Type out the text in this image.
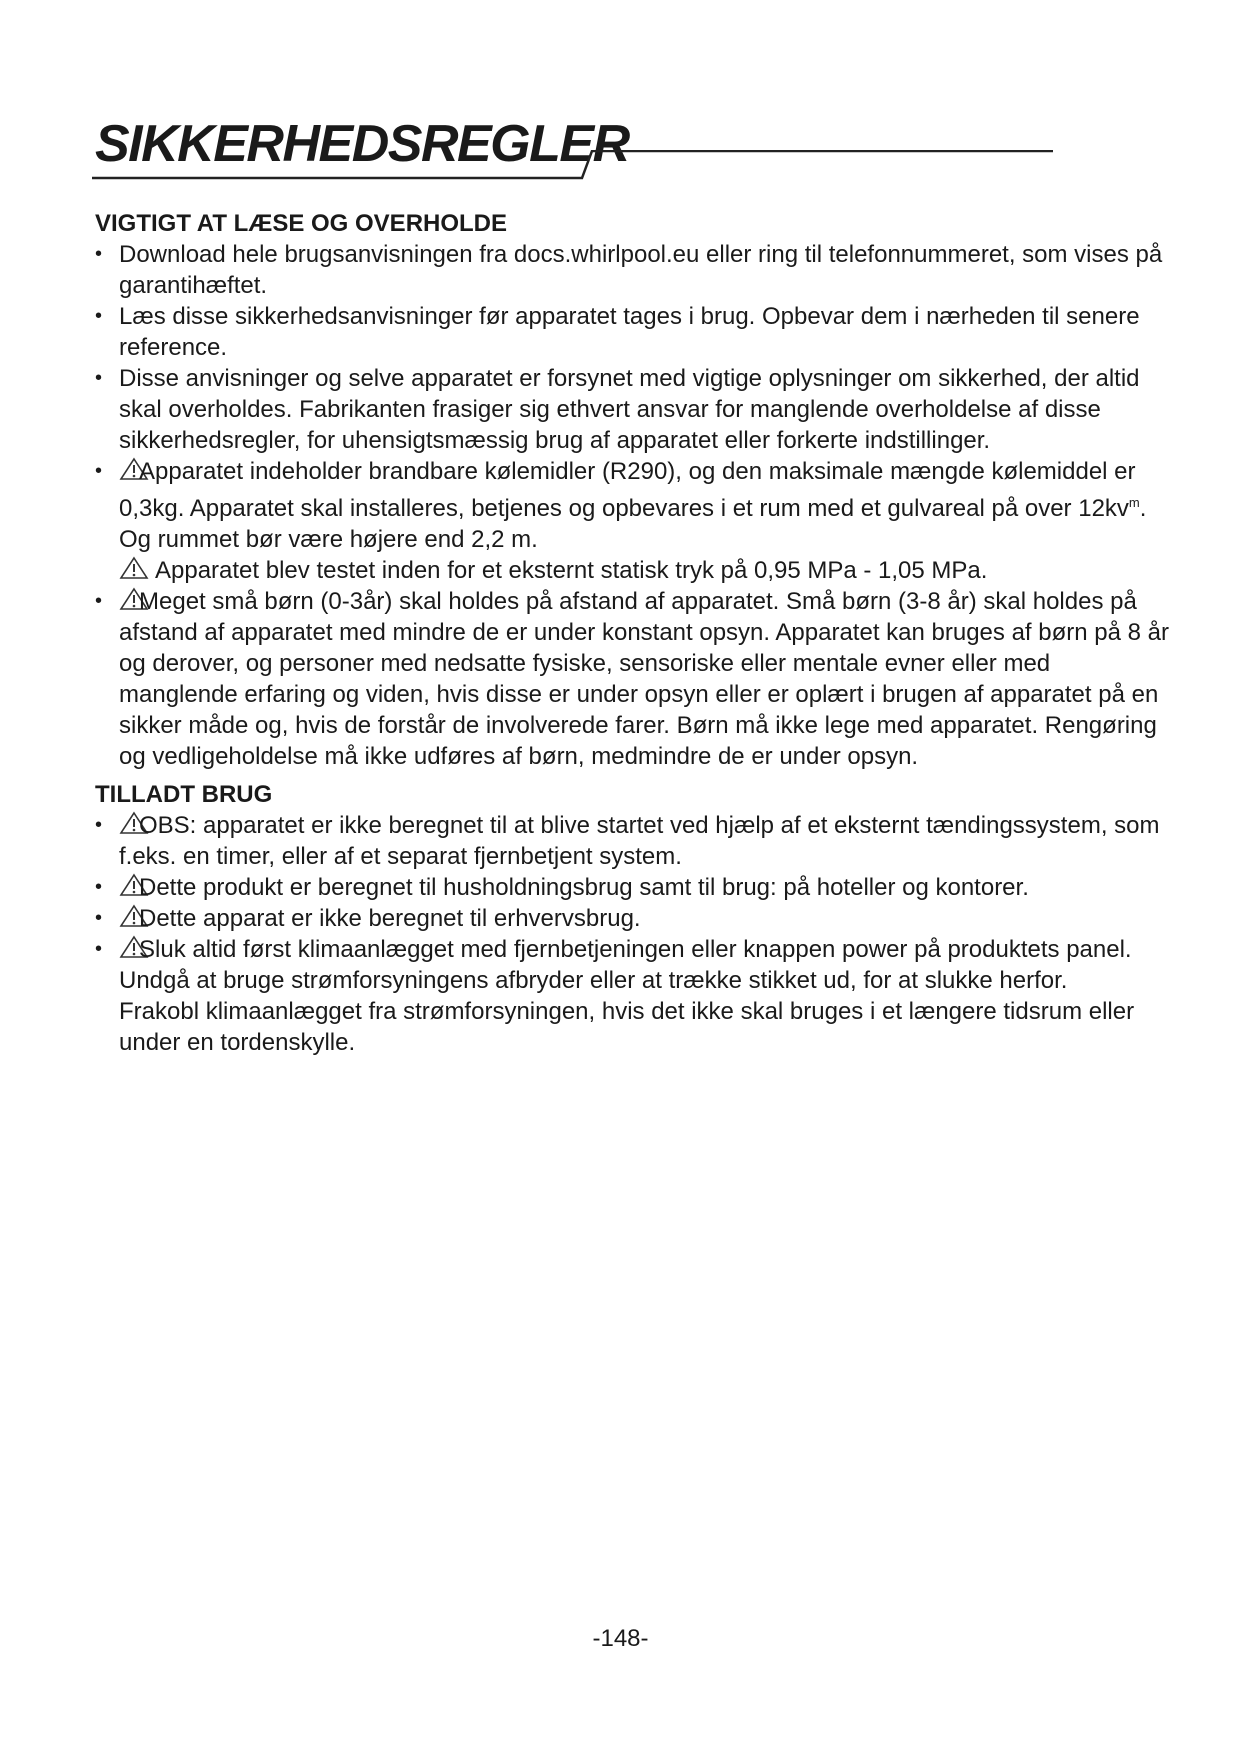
SIKKERHEDSREGLER
VIGTIGT AT LÆSE OG OVERHOLDE
• Download hele brugsanvisningen fra docs.whirlpool.eu eller ring til telefonnummeret, som vises på garantihæftet.
• Læs disse sikkerhedsanvisninger før apparatet tages i brug. Opbevar dem i nærheden til senere reference.
• Disse anvisninger og selve apparatet er forsynet med vigtige oplysninger om sikkerhed, der altid skal overholdes. Fabrikanten frasiger sig ethvert ansvar for manglende overholdelse af disse sikkerhedsregler, for uhensigtsmæssig brug af apparatet eller forkerte indstillinger.
•	Apparatet indeholder brandbare kølemidler (R290), og den maksimale mængde kølemiddel er 0,3kg. Apparatet skal installeres, betjenes og opbevares i et rum med et gulvareal på over $12kv^m$. Og rummet bør være højere end 2,2 m.
Apparatet blev testet inden for et eksternt statisk tryk på 0,95 MPa - 1,05 MPa.
•	Meget små børn (0-3år) skal holdes på afstand af apparatet. Små børn (3-8 år) skal holdes på afstand af apparatet med mindre de er under konstant opsyn. Apparatet kan bruges af børn på 8 år og derover, og personer med nedsatte fysiske, sensoriske eller mentale evner eller med manglende erfaring og viden, hvis disse er under opsyn eller er oplært i brugen af apparatet på en sikker måde og, hvis de forstår de involverede farer. Børn må ikke lege med apparatet. Rengøring og vedligeholdelse må ikke udføres af børn, medmindre de er under opsyn.
TILLADT BRUG
•	OBS: apparatet er ikke beregnet til at blive startet ved hjælp af et eksternt tændingssystem, som f.eks. en timer, eller af et separat fjernbetjent system.
•	Dette produkt er beregnet til husholdningsbrug samt til brug: på hoteller og kontorer.
•	Dette apparat er ikke beregnet til erhvervsbrug.
•	Sluk altid først klimaanlægget med fjernbetjeningen eller knappen power på produktets panel.
Undgå at bruge strømforsyningens afbryder eller at trække stikket ud, for at slukke herfor.
Frakobl klimaanlægget fra strømforsyningen, hvis det ikke skal bruges i et længere tidsrum eller under en tordenskylle.
-148-
